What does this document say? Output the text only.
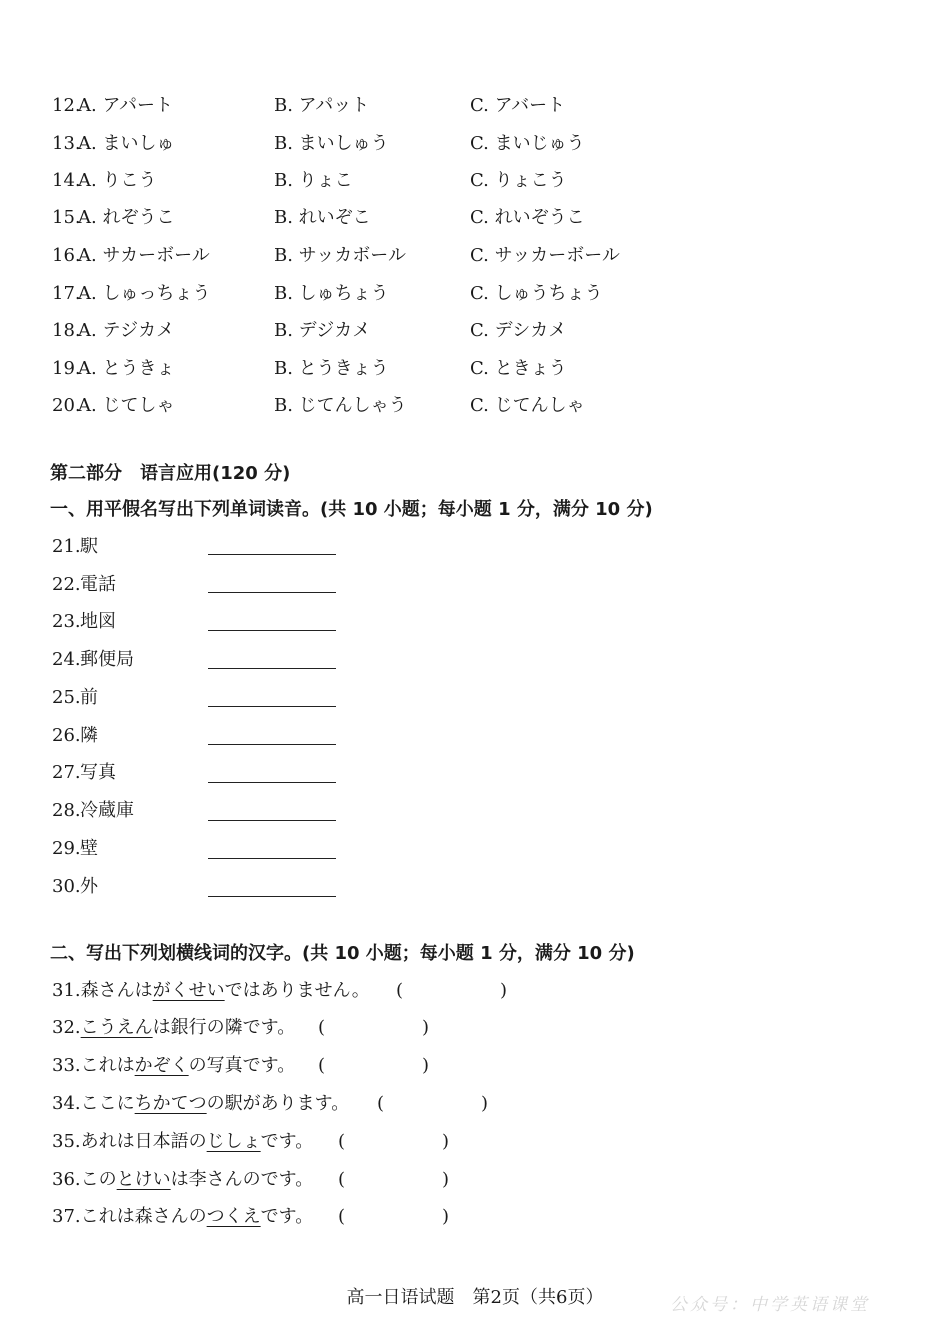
12.
A. アパート	B. アパット	C. アバート
13.
A. まいしゅ	B. まいしゅう	C. まいじゅう
14.
A. りこう	B. りょこ	C. りょこう
15.
A. れぞうこ	B. れいぞこ	C. れいぞうこ
16.
A. サカーボール	B. サッカボール	C. サッカーボール
17.
A. しゅっちょう	B. しゅちょう	C. しゅうちょう
18.
A. テジカメ	B. デジカメ	C. デシカメ
19.
A. とうきょ	B. とうきょう	C. ときょう
20.
A. じてしゃ	B. じてんしゃう	C. じてんしゃ
第二部分　语言应用(120 分)
一、用平假名写出下列单词读音。(共 10 小题；每小题 1 分，满分 10 分)
21. 駅
22. 電話
23. 地図
24. 郵便局
25. 前
26. 隣
27. 写真
28. 冷蔵庫
29. 壁
30. 外
二、写出下列划横线词的汉字。(共 10 小题；每小题 1 分，满分 10 分)
31.森さんはがくせいではありません。 (	)
32.こうえんは銀行の隣です。 (	)
33.これはかぞくの写真です。 (	)
34.ここにちかてつの駅があります。 (	)
35.あれは日本語のじしょです。 (	)
36.このとけいは李さんのです。 (	)
37.これは森さんのつくえです。 (	)
高一日语试题　第2页（共6页）	公众号：中学英语课堂
